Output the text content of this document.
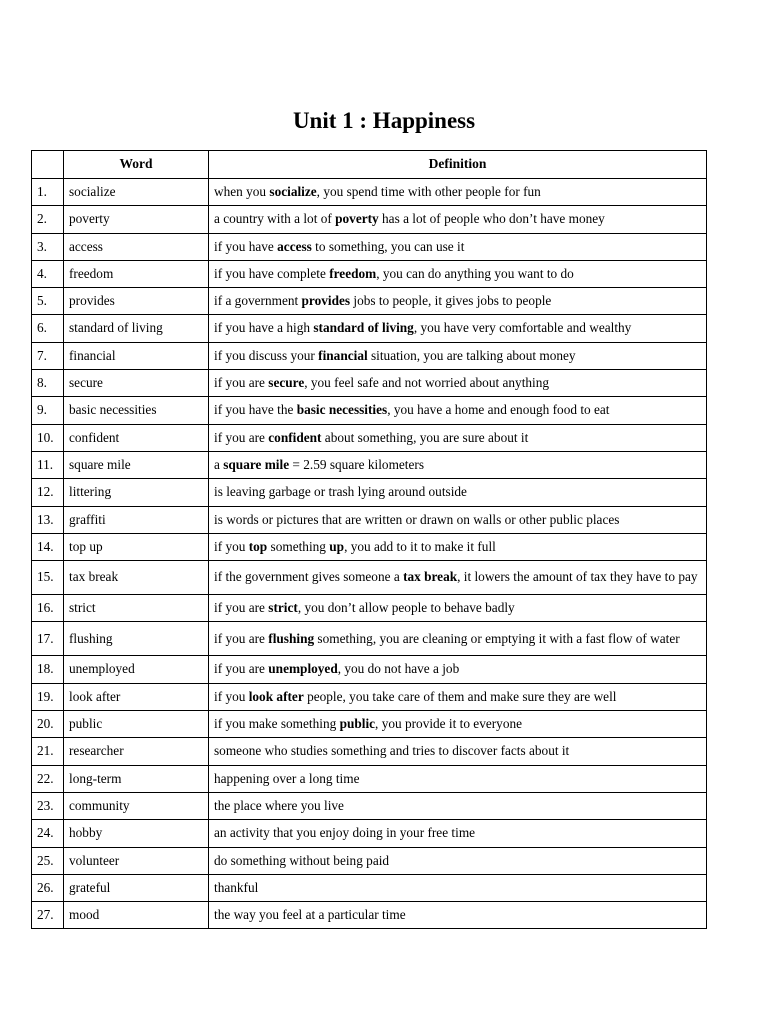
Unit 1 : Happiness
	Word	Definition
1.	socialize	when you socialize, you spend time with other people for fun
2.	poverty	a country with a lot of poverty has a lot of people who don’t have money
3.	access	if you have access to something, you can use it
4.	freedom	if you have complete freedom, you can do anything you want to do
5.	provides	if a government provides jobs to people, it gives jobs to people
6.	standard of living	if you have a high standard of living, you have very comfortable and wealthy
7.	financial	if you discuss your financial situation, you are talking about money
8.	secure	if you are secure, you feel safe and not worried about anything
9.	basic necessities	if you have the basic necessities, you have a home and enough food to eat
10.	confident	if you are confident about something, you are sure about it
11.	square mile	a square mile = 2.59 square kilometers
12.	littering	is leaving garbage or trash lying around outside
13.	graffiti	is words or pictures that are written or drawn on walls or other public places
14.	top up	if you top something up, you add to it to make it full
15.	tax break	if the government gives someone a tax break, it lowers the amount of tax they have to pay
16.	strict	if you are strict, you don’t allow people to behave badly
17.	flushing	if you are flushing something, you are cleaning or emptying it with a fast flow of water
18.	unemployed	if you are unemployed, you do not have a job
19.	look after	if you look after people, you take care of them and make sure they are well
20.	public	if you make something public, you provide it to everyone
21.	researcher	someone who studies something and tries to discover facts about it
22.	long-term	happening over a long time
23.	community	the place where you live
24.	hobby	an activity that you enjoy doing in your free time
25.	volunteer	do something without being paid
26.	grateful	thankful
27.	mood	the way you feel at a particular time
